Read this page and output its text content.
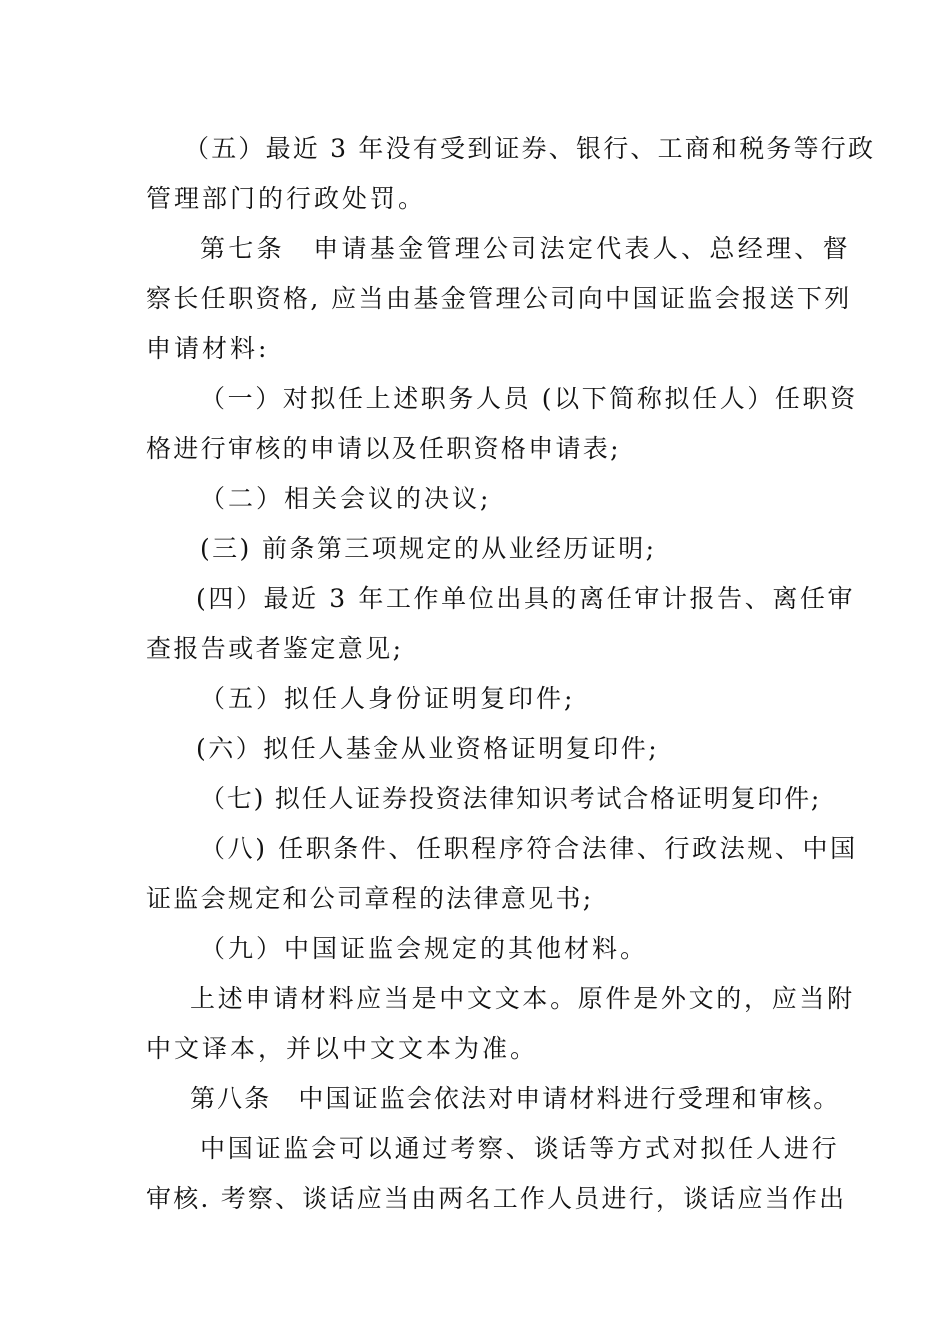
（五）最近 3 年没有受到证券、银行、工商和税务等行政
管理部门的行政处罚。
第七条　申请基金管理公司法定代表人、总经理、督
察长任职资格, 应当由基金管理公司向中国证监会报送下列
申请材料:
（一）对拟任上述职务人员 (以下简称拟任人）任职资
格进行审核的申请以及任职资格申请表;
（二）相关会议的决议;
(三) 前条第三项规定的从业经历证明;
(四）最近 3 年工作单位出具的离任审计报告、离任审
查报告或者鉴定意见;
（五）拟任人身份证明复印件;
(六）拟任人基金从业资格证明复印件;
（七) 拟任人证券投资法律知识考试合格证明复印件;
（八) 任职条件、任职程序符合法律、行政法规、中国
证监会规定和公司章程的法律意见书;
（九）中国证监会规定的其他材料。
上述申请材料应当是中文文本。原件是外文的，应当附
中文译本，并以中文文本为准。
第八条　中国证监会依法对申请材料进行受理和审核。
中国证监会可以通过考察、谈话等方式对拟任人进行
审核. 考察、谈话应当由两名工作人员进行，谈话应当作出
